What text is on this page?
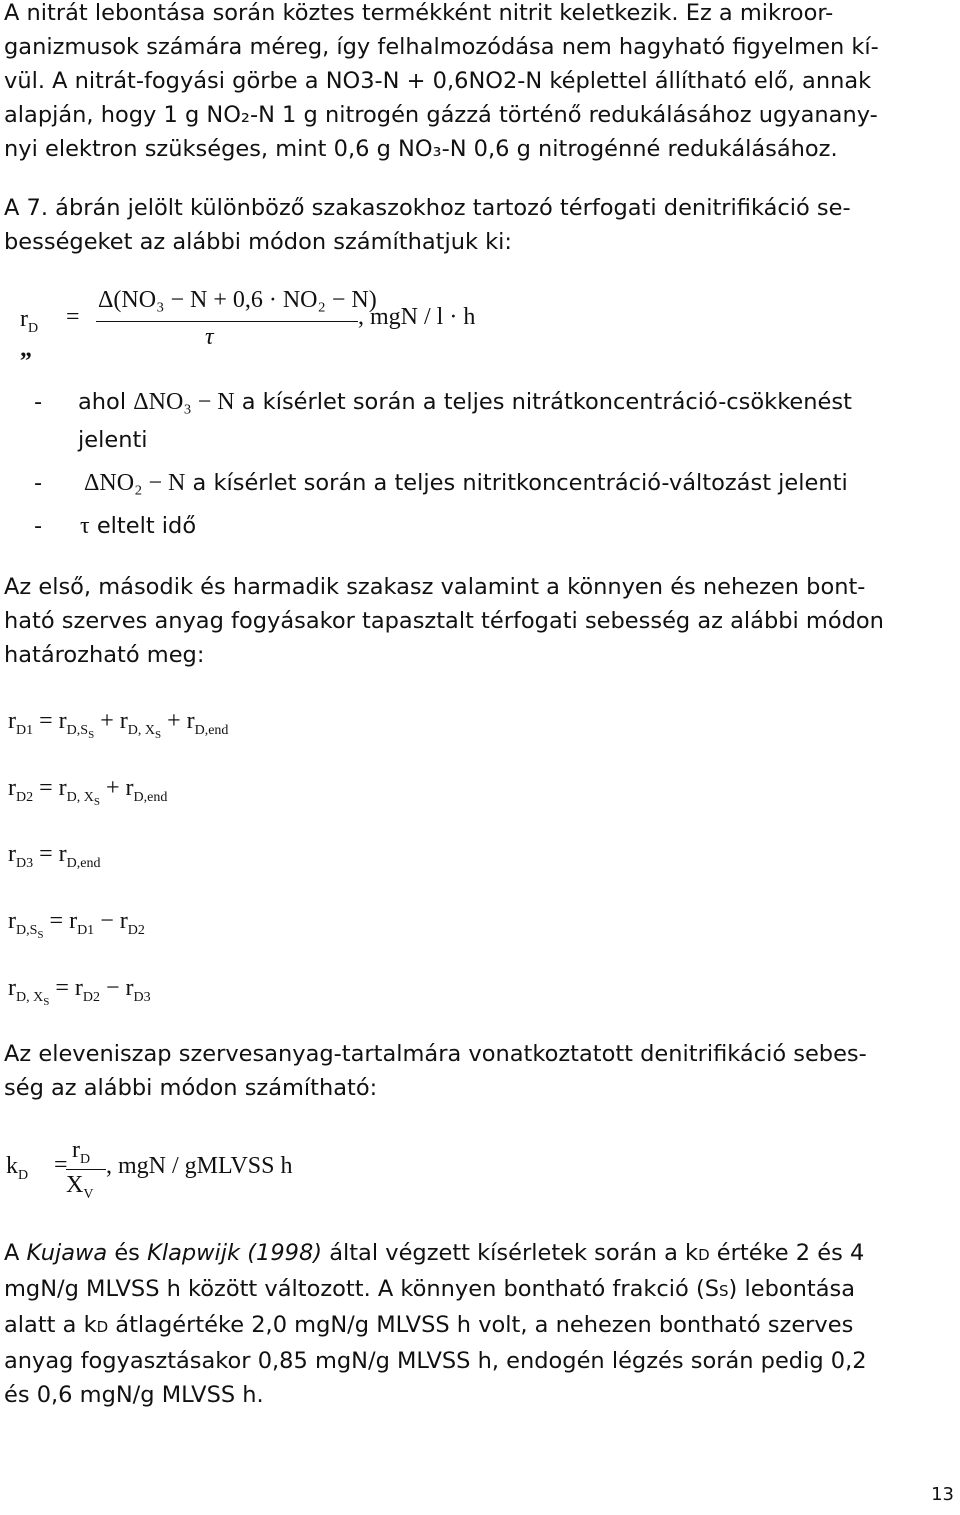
A nitrát lebontása során köztes termékként nitrit keletkezik. Ez a mikroor-
ganizmusok számára méreg, így felhalmozódása nem hagyható figyelmen kí-
vül. A nitrát-fogyási görbe a NO3-N + 0,6NO2-N képlettel állítható elő, annak
alapján, hogy 1 g NO₂-N 1 g nitrogén gázzá történő redukálásához ugyanany-
nyi elektron szükséges, mint 0,6 g NO₃-N 0,6 g nitrogénné redukálásához.
A 7. ábrán jelölt különböző szakaszokhoz tartozó térfogati denitrifikáció se-
bességeket az alábbi módon számíthatjuk ki:
$r_D$ =
Δ(NO₃ − N + 0,6 · NO₂ − N)
τ
, mgN / l · h
„
- ahol ΔNO₃ − N a kísérlet során a teljes nitrátkoncentráció-csökkenést
jelenti
- ΔNO₂ − N a kísérlet során a teljes nitritkoncentráció-változást jelenti
- τ eltelt idő
Az első, második és harmadik szakasz valamint a könnyen és nehezen bont-
ható szerves anyag fogyásakor tapasztalt térfogati sebesség az alábbi módon
határozható meg:
$r_{D1} = r_{D,S_S} + r_{D, X_S} + r_{D,end}$
$r_{D2} = r_{D, X_S} + r_{D,end}$
$r_{D3} = r_{D,end}$
$r_{D,S_S} = r_{D1} - r_{D2}$
$r_{D, X_S} = r_{D2} - r_{D3}$
Az eleveniszap szervesanyag-tartalmára vonatkoztatott denitrifikáció sebes-
ség az alábbi módon számítható:
$k_D$ =
$r_D$
$X_V$
, mgN / gMLVSS h
A Kujawa és Klapwijk (1998) által végzett kísérletek során a kD értéke 2 és 4
mgN/g MLVSS h között változott. A könnyen bontható frakció (SS) lebontása
alatt a kD átlagértéke 2,0 mgN/g MLVSS h volt, a nehezen bontható szerves
anyag fogyasztásakor 0,85 mgN/g MLVSS h, endogén légzés során pedig 0,2
és 0,6 mgN/g MLVSS h.
13
